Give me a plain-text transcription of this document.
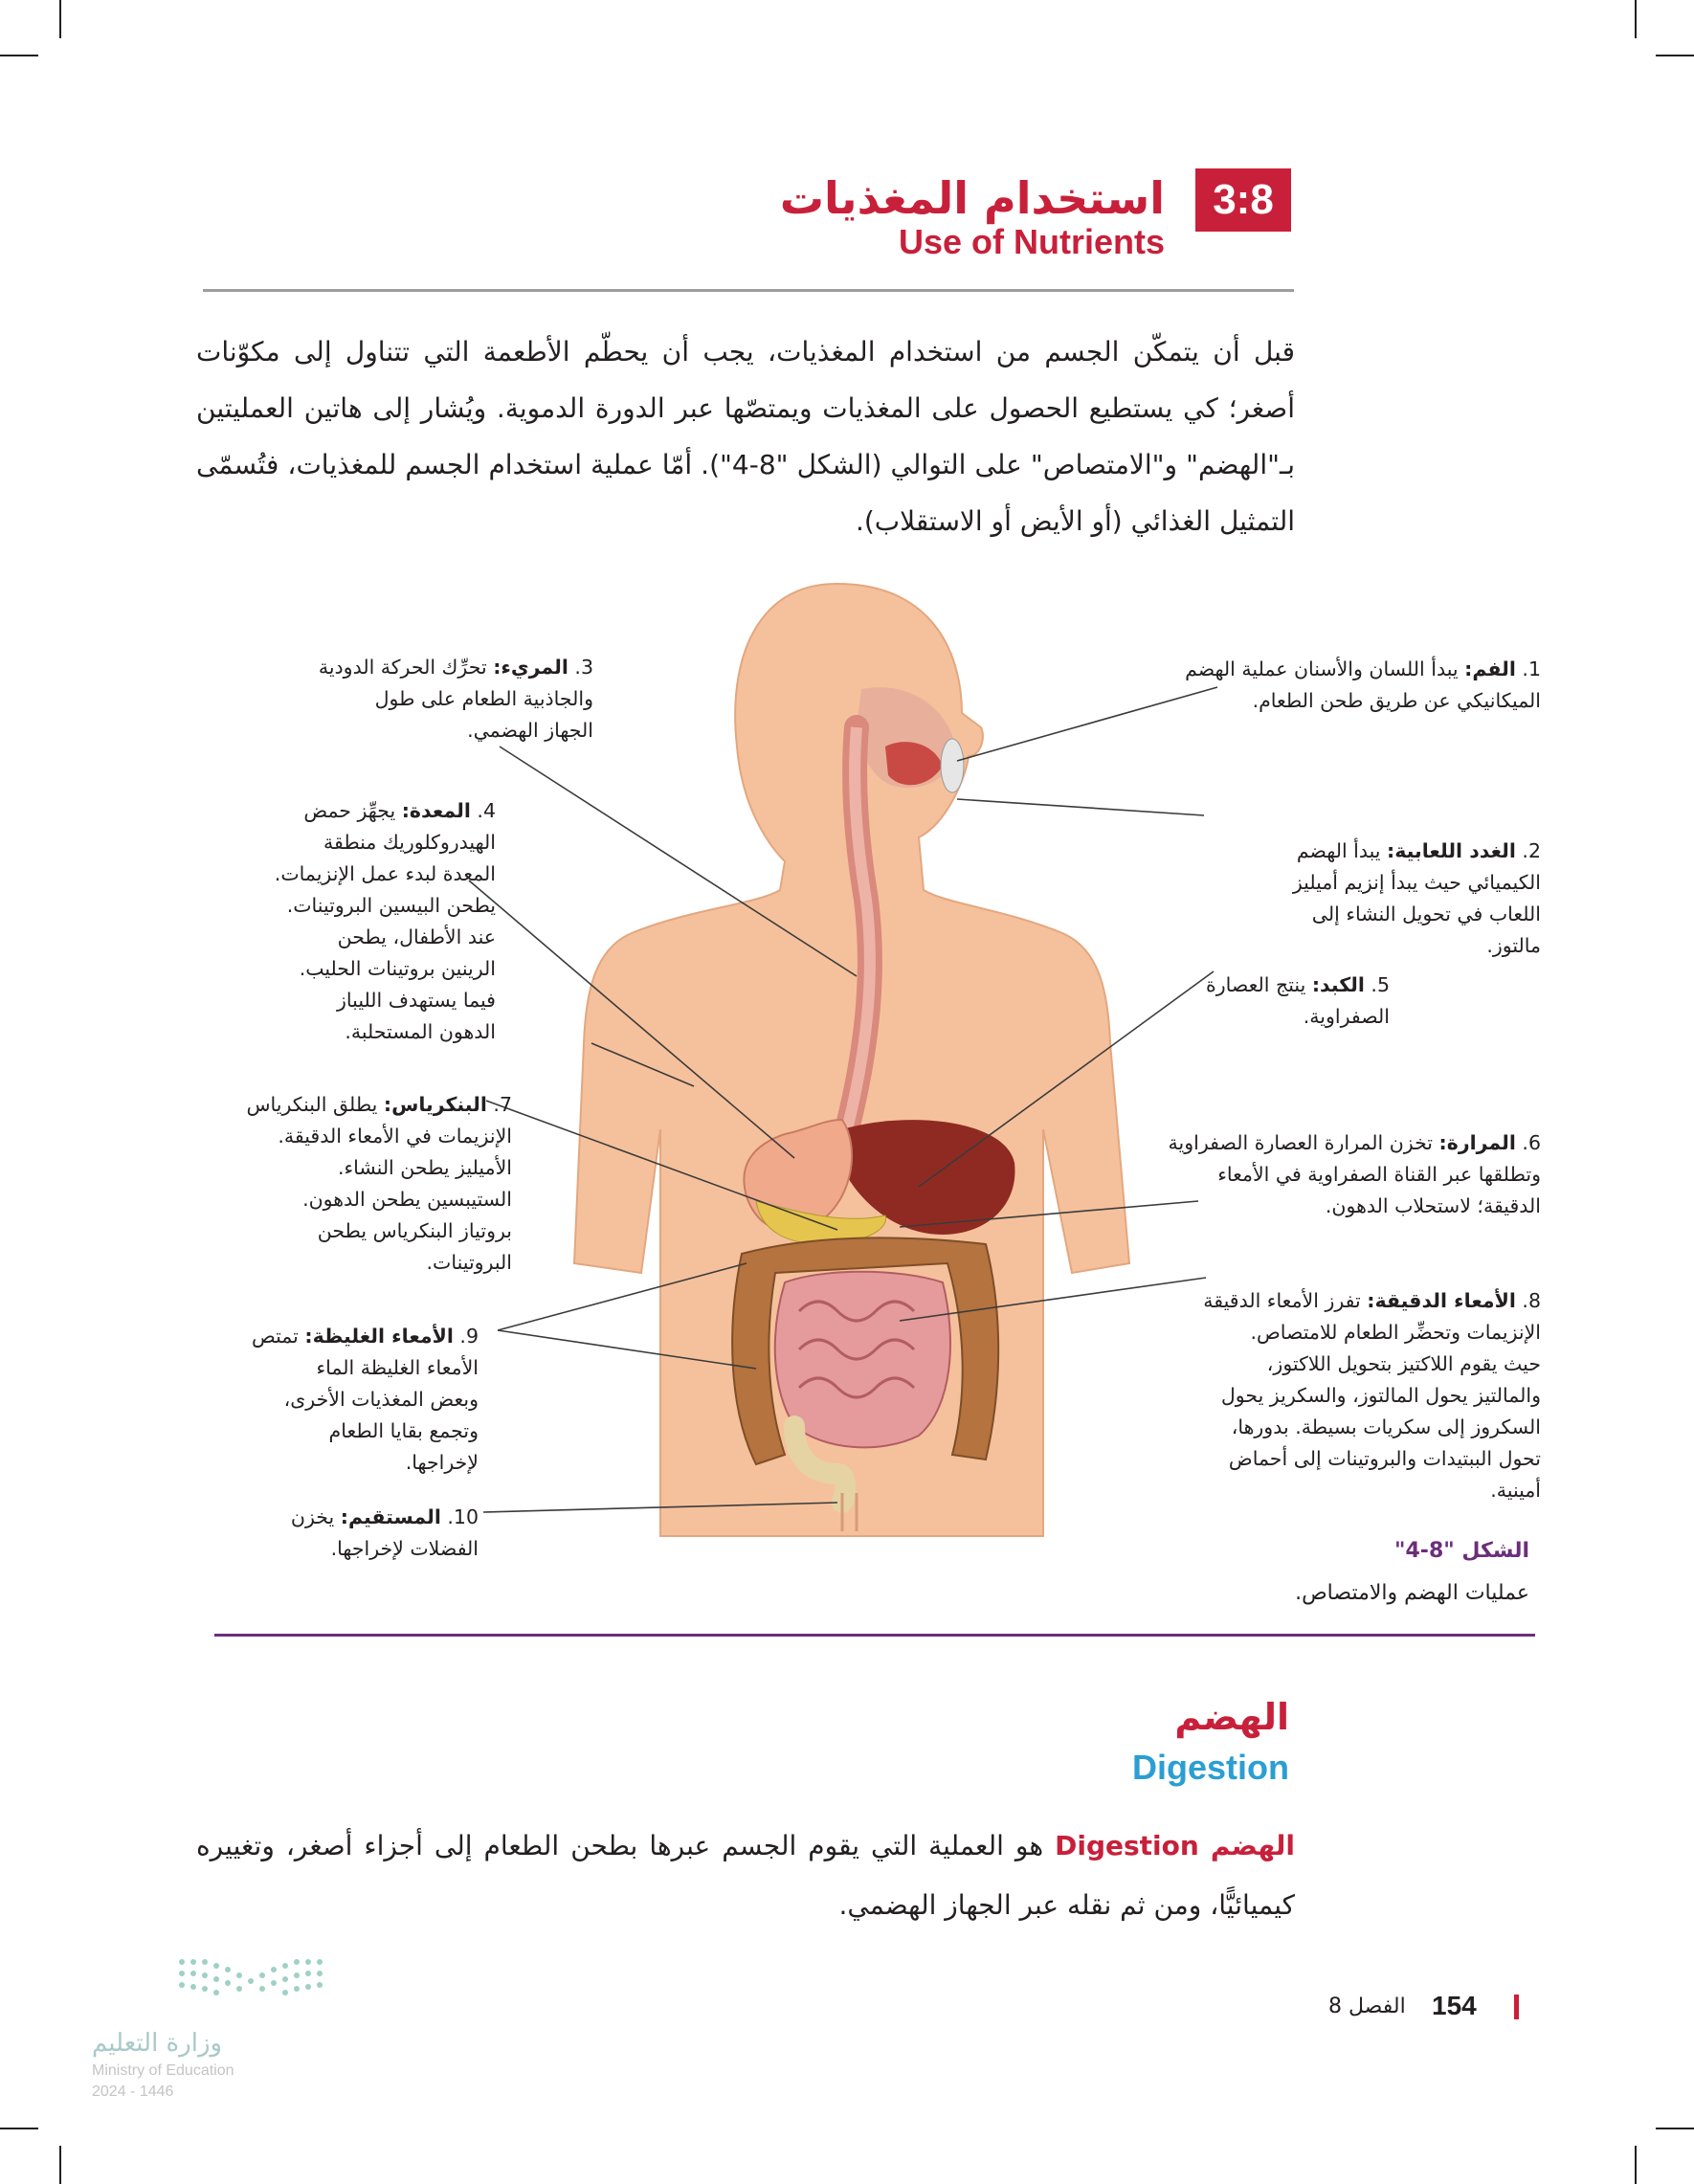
3:8
استخدام المغذيات
Use of Nutrients

قبل أن يتمكّن الجسم من استخدام المغذيات، يجب أن يحطّم الأطعمة التي تتناول إلى مكوّنات أصغر؛ كي يستطيع الحصول على المغذيات ويمتصّها عبر الدورة الدموية. ويُشار إلى هاتين العمليتين بـ"الهضم" و"الامتصاص" على التوالي (الشكل "8-4"). أمّا عملية استخدام الجسم للمغذيات، فتُسمّى التمثيل الغذائي (أو الأيض أو الاستقلاب).

1. الفم: يبدأ اللسان والأسنان عملية الهضم
الميكانيكي عن طريق طحن الطعام.

2. الغدد اللعابية: يبدأ الهضم
الكيميائي حيث يبدأ إنزيم أميليز
اللعاب في تحويل النشاء إلى
مالتوز.

3. المريء: تحرِّك الحركة الدودية
والجاذبية الطعام على طول
الجهاز الهضمي.

4. المعدة: يجهِّز حمض
الهيدروكلوريك منطقة
المعدة لبدء عمل الإنزيمات.
يطحن البيسين البروتينات.
عند الأطفال، يطحن
الرينين بروتينات الحليب.
فيما يستهدف الليباز
الدهون المستحلبة.

5. الكبد: ينتج العصارة
الصفراوية.

6. المرارة: تخزن المرارة العصارة الصفراوية
وتطلقها عبر القناة الصفراوية في الأمعاء
الدقيقة؛ لاستحلاب الدهون.

7. البنكرياس: يطلق البنكرياس
الإنزيمات في الأمعاء الدقيقة.
الأميليز يطحن النشاء.
الستيبسين يطحن الدهون.
بروتياز البنكرياس يطحن
البروتينات.

8. الأمعاء الدقيقة: تفرز الأمعاء الدقيقة
الإنزيمات وتحضِّر الطعام للامتصاص.
حيث يقوم اللاكتيز بتحويل اللاكتوز،
والمالتيز يحول المالتوز، والسكريز يحول
السكروز إلى سكريات بسيطة. بدورها،
تحول الببتيدات والبروتينات إلى أحماض
أمينية.

9. الأمعاء الغليظة: تمتص
الأمعاء الغليظة الماء
وبعض المغذيات الأخرى،
وتجمع بقايا الطعام
لإخراجها.

10. المستقيم: يخزن
الفضلات لإخراجها.	الشكل "8-4"
عمليات الهضم والامتصاص.
الهضم
Digestion

الهضم Digestion هو العملية التي يقوم الجسم عبرها بطحن الطعام إلى أجزاء أصغر، وتغييره كيميائيًّا، ومن ثم نقله عبر الجهاز الهضمي.

وزارة التعليم
Ministry of Education
2024 - 1446
154
الفصل 8
